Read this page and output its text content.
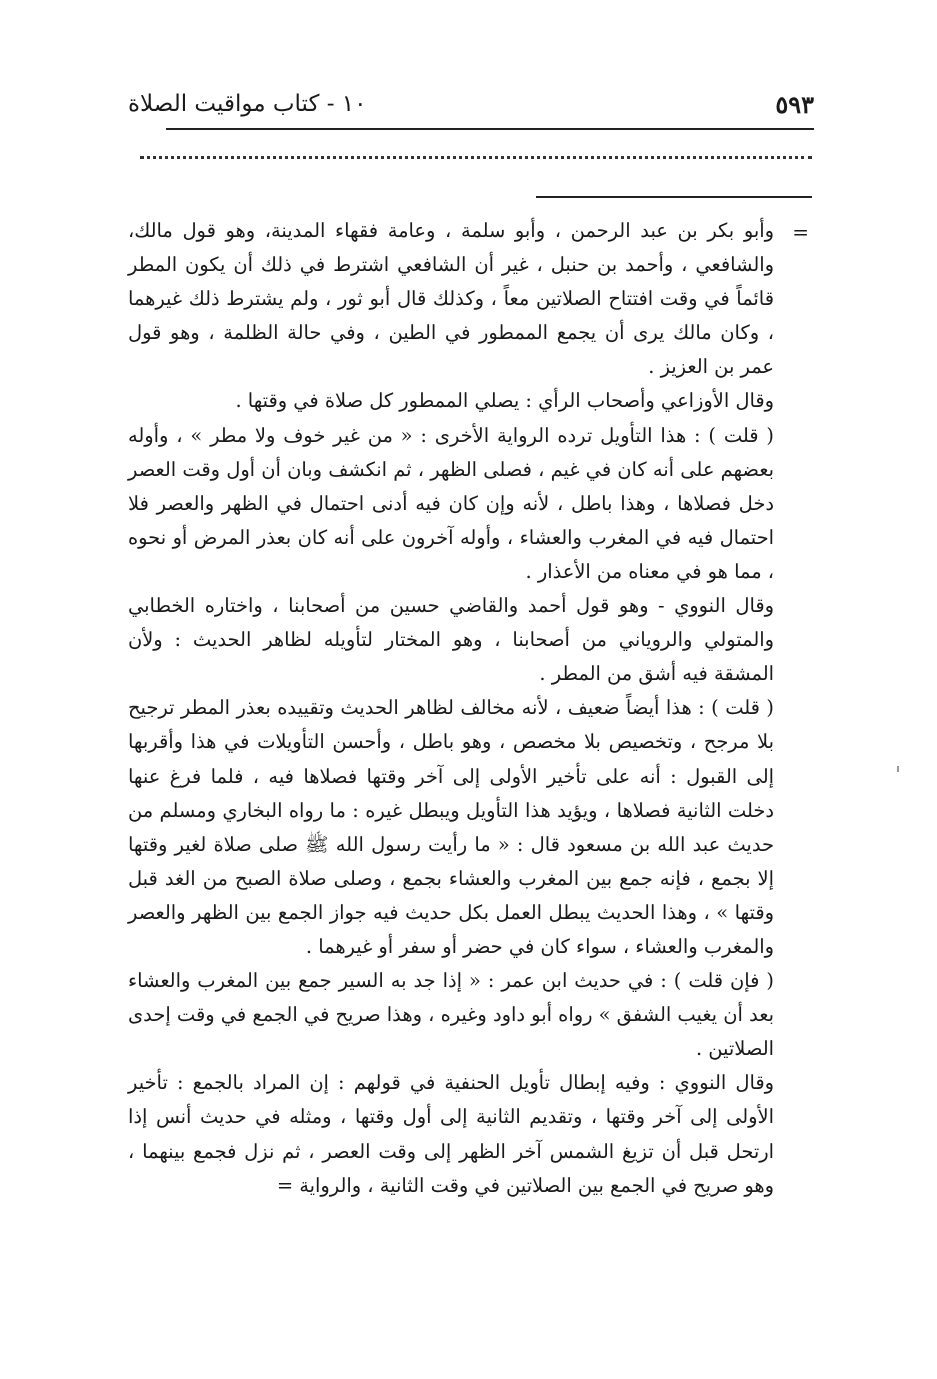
٥٩٣
١٠ - كتاب مواقيت الصلاة
=

وأبو بكر بن عبد الرحمن ، وأبو سلمة ، وعامة فقهاء المدينة، وهو قول مالك، والشافعي ، وأحمد بن حنبل ، غير أن الشافعي اشترط في ذلك أن يكون المطر قائماً في وقت افتتاح الصلاتين معاً ، وكذلك قال أبو ثور ، ولم يشترط ذلك غيرهما ، وكان مالك يرى أن يجمع الممطور في الطين ، وفي حالة الظلمة ، وهو قول عمر بن العزيز .

وقال الأوزاعي وأصحاب الرأي : يصلي الممطور كل صلاة في وقتها .

( قلت ) : هذا التأويل ترده الرواية الأخرى : « من غير خوف ولا مطر » ، وأوله بعضهم على أنه كان في غيم ، فصلى الظهر ، ثم انكشف وبان أن أول وقت العصر دخل فصلاها ، وهذا باطل ، لأنه وإن كان فيه أدنى احتمال في الظهر والعصر فلا احتمال فيه في المغرب والعشاء ، وأوله آخرون على أنه كان بعذر المرض أو نحوه ، مما هو في معناه من الأعذار .

وقال النووي - وهو قول أحمد والقاضي حسين من أصحابنا ، واختاره الخطابي والمتولي والروياني من أصحابنا ، وهو المختار لتأويله لظاهر الحديث : ولأن المشقة فيه أشق من المطر .

( قلت ) : هذا أيضاً ضعيف ، لأنه مخالف لظاهر الحديث وتقييده بعذر المطر ترجيح بلا مرجح ، وتخصيص بلا مخصص ، وهو باطل ، وأحسن التأويلات في هذا وأقربها إلى القبول : أنه على تأخير الأولى إلى آخر وقتها فصلاها فيه ، فلما فرغ عنها دخلت الثانية فصلاها ، ويؤيد هذا التأويل ويبطل غيره : ما رواه البخاري ومسلم من حديث عبد الله بن مسعود قال : « ما رأيت رسول الله ﷺ صلى صلاة لغير وقتها إلا بجمع ، فإنه جمع بين المغرب والعشاء بجمع ، وصلى صلاة الصبح من الغد قبل وقتها » ، وهذا الحديث يبطل العمل بكل حديث فيه جواز الجمع بين الظهر والعصر والمغرب والعشاء ، سواء كان في حضر أو سفر أو غيرهما .

( فإن قلت ) : في حديث ابن عمر : « إذا جد به السير جمع بين المغرب والعشاء بعد أن يغيب الشفق » رواه أبو داود وغيره ، وهذا صريح في الجمع في وقت إحدى الصلاتين .

وقال النووي : وفيه إبطال تأويل الحنفية في قولهم : إن المراد بالجمع : تأخير الأولى إلى آخر وقتها ، وتقديم الثانية إلى أول وقتها ، ومثله في حديث أنس إذا ارتحل قبل أن تزيغ الشمس آخر الظهر إلى وقت العصر ، ثم نزل فجمع بينهما ، وهو صريح في الجمع بين الصلاتين في وقت الثانية ، والرواية =
